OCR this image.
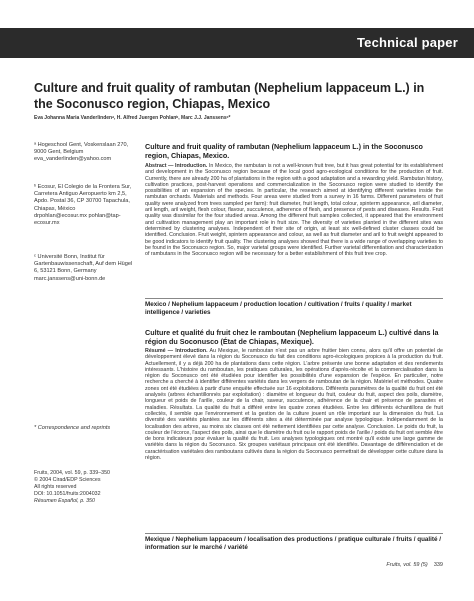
Technical paper
Culture and fruit quality of rambutan (Nephelium lappaceum L.) in the Soconusco region, Chiapas, Mexico
Eva Johanna Maria Vanderlindenᵃ, H. Alfred Juergen Pohlanᵇ, Marc J.J. Janssensᶜ*
ᵃ Hogeschool Gent, Voskenslaan 270, 9000 Gent, Belgium
eva_vanderlinden@yahoo.com
ᵇ Ecosur, El Colegio de la Frontera Sur, Carretera Antiguo Aeropuerto km 2,5, Apdo. Postal 36, CP 30700 Tapachula, Chiapas, México
drpohlan@ecosur.mx pohlan@tap-ecosur.mx
ᶜ Université Bonn, Institut für Gartenbauwissenschaft, Auf dem Hügel 6, 53121 Bonn, Germany
marc.janssens@uni-bonn.de
* Correspondence and reprints
Fruits, 2004, vol. 59, p. 339–350
© 2004 Cirad/EDP Sciences
All rights reserved
DOI: 10.1051/fruits:2004032
Résumen Español, p. 350
Culture and fruit quality of rambutan (Nephelium lappaceum L.) in the Soconusco region, Chiapas, Mexico.
Abstract — Introduction. In Mexico, the rambutan is not a well-known fruit tree, but it has great potential for its establishment and development in the Soconusco region because of the local good agro-ecological conditions for the production of fruit. Currently, there are already 200 ha of plantations in the region with a good adaptation and a rewarding yield. Rambutan history, cultivation practices, post-harvest operations and commercialization in the Soconusco region were studied to identify the possibilities of an expansion of the species. In particular, the research aimed at identifying different varieties inside the rambutan orchards. Materials and methods. Four areas were studied from a survey in 16 farms. Different parameters of fruit quality were analyzed from trees sampled per farm): fruit diameter, fruit length, total colour, spinterm appearance, aril diameter, aril length, aril weight, flesh colour, flavour, succulence, adherence of flesh, and presence of pests and diseases. Results. Fruit quality was dissimilar for the four studied areas. Among the different fruit samples collected, it appeared that the environment and cultivation management play an important role in fruit size. The diversity of varieties planted in the different sites was determined by clustering analyses. Independent of their site of origin, at least six well-defined cluster classes could be identified. Conclusion. Fruit weight, spintern appearance and colour, as well as fruit diameter and aril to fruit weight appeared to be good indicators to identify fruit quality. The clustering analyses showed that there is a wide range of overlapping varieties to be found in the Soconusco region. So, major varietal groups were identified. Further varietal differentiation and characterization of rambutans in the Soconusco region will be necessary for a better establishment of this fruit tree crop.
Mexico / Nephelium lappaceum / production location / cultivation / fruits / quality / market intelligence / varieties
Culture et qualité du fruit chez le ramboutan (Nephelium lappaceum L.) cultivé dans la région du Soconusco (État de Chiapas, Mexique).
Résumé — Introduction. Au Mexique, le ramboutan n'est pas un arbre fruitier bien connu, alors qu'il offre un potentiel de développement élevé dans la région du Soconusco du fait des conditions agro-écologiques propices à la production du fruit. Actuellement, il y a déjà 200 ha de plantations dans cette région. L'arbre présente une bonne adaptation et des rendements intéressants. L'histoire du ramboutan, les pratiques culturales, les opérations d'après-récolte et la commercialisation dans la région du Soconusco ont été étudiées pour identifier les possibilités d'une expansion de l'espèce. En particulier, notre recherche a cherché à identifier différentes variétés dans les vergers de ramboutan de la région. Matériel et méthodes. Quatre zones ont été étudiées à partir d'une enquête effectuée sur 16 exploitations. Différents paramètres de la qualité du fruit ont été analysés (arbres échantillonnés par exploitation) : diamètre et longueur du fruit, couleur du fruit, aspect des poils, diamètre, longueur et poids de l'arille, couleur de la chair, saveur, succulence, adhérence de la chair et présence de parasites et maladies. Résultats. La qualité du fruit a différé entre les quatre zones étudiées. Entre les différents échantillons de fruit collectés, il semble que l'environnement et la gestion de la culture jouent un rôle important sur la dimension du fruit. La diversité des variétés plantées sur les différents sites a été déterminée par analyse typologique. Indépendamment de la localisation des arbres, au moins six classes ont été nettement identifiées par cette analyse. Conclusion. Le poids du fruit, la couleur de l'écorce, l'aspect des poils, ainsi que le diamètre du fruit ou le rapport poids de l'arille / poids du fruit ont semble être de bons indicateurs pour évaluer la qualité du fruit. Les analyses typologiques ont montré qu'il existe une large gamme de variétés dans la région du Soconusco. Six groupes variétaux principaux ont été identifiés. Davantage de différenciation et de caractérisation variétales des ramboutans cultivés dans la région du Soconusco permettrait de développer cette culture dans la région.
Mexique / Nephelium lappaceum / localisation des productions / pratique culturale / fruits / qualité / information sur le marché / variété
Fruits, vol. 59 (5) 339
